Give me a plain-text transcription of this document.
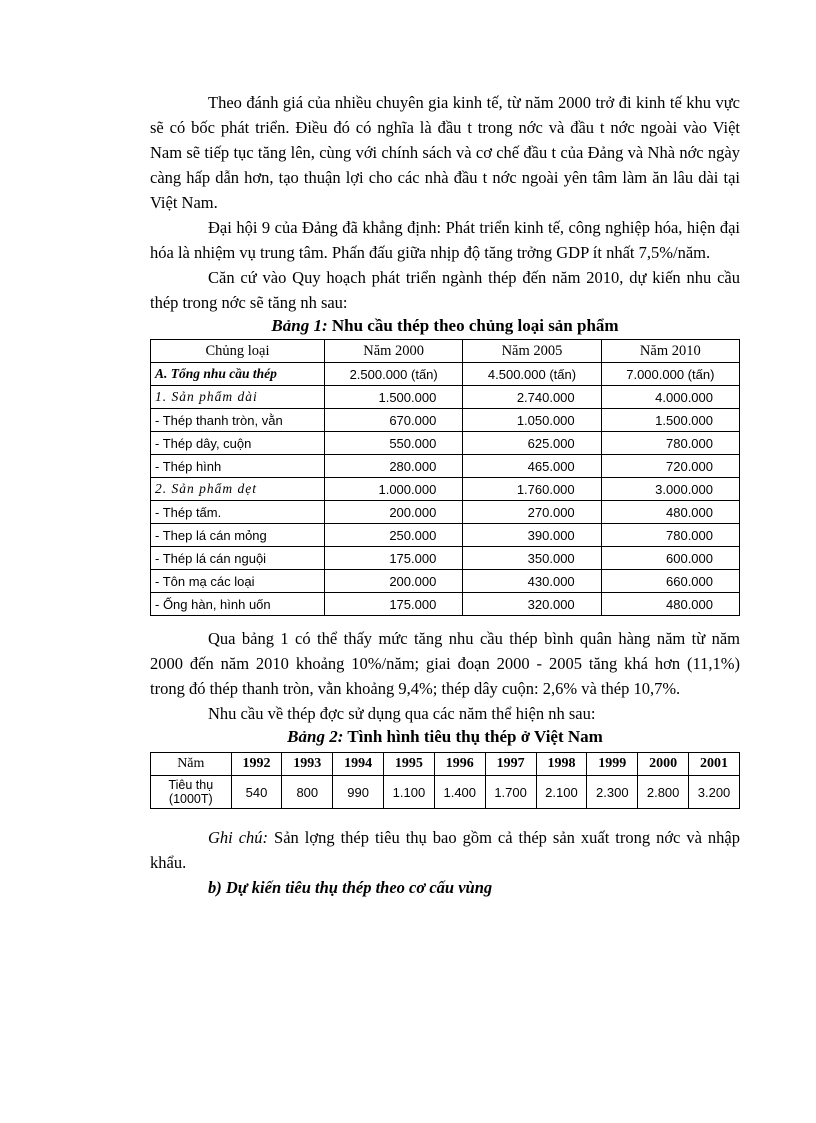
Theo đánh giá của nhiều chuyên gia kinh tế, từ năm 2000 trở đi kinh tế khu vực sẽ có bốc phát triển. Điều đó có nghĩa là đầu t trong nớc và đầu t nớc ngoài vào Việt Nam sẽ tiếp tục tăng lên, cùng với chính sách và cơ chế đầu t của Đảng và Nhà nớc ngày càng hấp dẫn hơn, tạo thuận lợi cho các nhà đầu t nớc ngoài yên tâm làm ăn lâu dài tại Việt Nam.

Đại hội 9 của Đảng đã khẳng định: Phát triển kinh tế, công nghiệp hóa, hiện đại hóa là nhiệm vụ trung tâm. Phấn đấu giữa nhịp độ tăng trởng GDP ít nhất 7,5%/năm.

Căn cứ vào Quy hoạch phát triển ngành thép đến năm 2010, dự kiến nhu cầu thép trong nớc sẽ tăng nh sau:

Bảng 1: Nhu cầu thép theo chủng loại sản phẩm
Chủng loại	Năm 2000	Năm 2005	Năm 2010
A. Tổng nhu cầu thép	2.500.000 (tấn)	4.500.000 (tấn)	7.000.000 (tấn)
1. Sản phẩm dài	1.500.000	2.740.000	4.000.000
- Thép thanh tròn, vằn	670.000	1.050.000	1.500.000
- Thép dây, cuộn	550.000	625.000	780.000
- Thép hình	280.000	465.000	720.000
2. Sản phẩm dẹt	1.000.000	1.760.000	3.000.000
- Thép tấm.	200.000	270.000	480.000
- Thep lá cán mỏng	250.000	390.000	780.000
- Thép lá cán nguội	175.000	350.000	600.000
- Tôn mạ các loại	200.000	430.000	660.000
- Ống hàn, hình uốn	175.000	320.000	480.000

Qua bảng 1 có thể thấy mức tăng nhu cầu thép bình quân hàng năm từ năm 2000 đến năm 2010 khoảng 10%/năm; giai đoạn 2000 - 2005 tăng khá hơn (11,1%) trong đó thép thanh tròn, vằn khoảng 9,4%; thép dây cuộn: 2,6% và thép 10,7%.

Nhu cầu về thép đợc sử dụng qua các năm thể hiện nh sau:

Bảng 2: Tình hình tiêu thụ thép ở Việt Nam
Năm	1992	1993	1994	1995	1996	1997	1998	1999	2000	2001
Tiêu thụ
(1000T)	540	800	990	1.100	1.400	1.700	2.100	2.300	2.800	3.200

Ghi chú: Sản lợng thép tiêu thụ bao gồm cả thép sản xuất trong nớc và nhập khẩu.

b) Dự kiến tiêu thụ thép theo cơ cấu vùng
